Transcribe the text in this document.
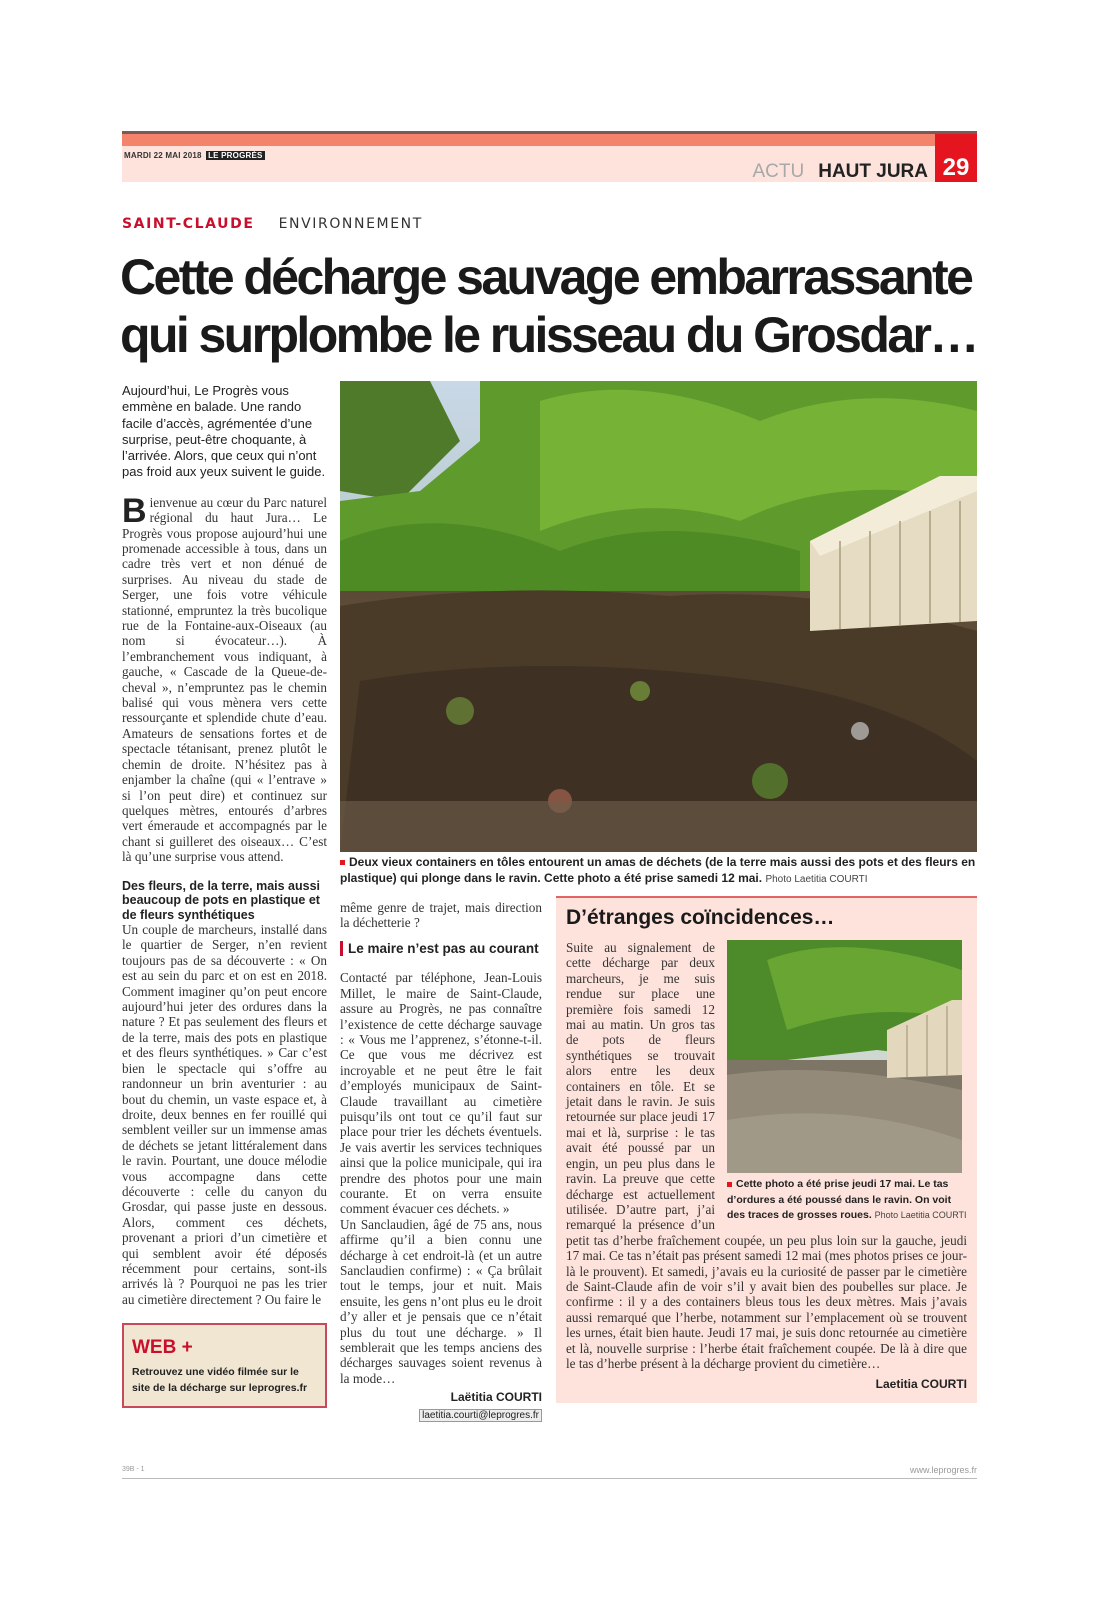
MARDI 22 MAI 2018 LE PROGRÈS
ACTU HAUT JURA 29
SAINT-CLAUDE ENVIRONNEMENT
Cette décharge sauvage embarrassante
qui surplombe le ruisseau du Grosdar…
Aujourd’hui, Le Progrès vous emmène en balade. Une rando facile d’accès, agrémentée d’une surprise, peut-être choquante, à l’arrivée. Alors, que ceux qui n’ont pas froid aux yeux suivent le guide.

Bienvenue au cœur du Parc naturel régional du haut Jura… Le Progrès vous propose aujourd’hui une promenade accessible à tous, dans un cadre très vert et non dénué de surprises. Au niveau du stade de Serger, une fois votre véhicule stationné, empruntez la très bucolique rue de la Fontaine-aux-Oiseaux (au nom si évocateur…). À l’embranchement vous indiquant, à gauche, « Cascade de la Queue-de-cheval », n’empruntez pas le chemin balisé qui vous mènera vers cette ressourçante et splendide chute d’eau. Amateurs de sensations fortes et de spectacle tétanisant, prenez plutôt le chemin de droite. N’hésitez pas à enjamber la chaîne (qui « l’entrave » si l’on peut dire) et continuez sur quelques mètres, entourés d’arbres vert émeraude et accompagnés par le chant si guilleret des oiseaux… C’est là qu’une surprise vous attend.

Des fleurs, de la terre, mais aussi beaucoup de pots en plastique et de fleurs synthétiques

Un couple de marcheurs, installé dans le quartier de Serger, n’en revient toujours pas de sa découverte : « On est au sein du parc et on est en 2018. Comment imaginer qu’on peut encore aujourd’hui jeter des ordures dans la nature ? Et pas seulement des fleurs et de la terre, mais des pots en plastique et des fleurs synthétiques. » Car c’est bien le spectacle qui s’offre au randonneur un brin aventurier : au bout du chemin, un vaste espace et, à droite, deux bennes en fer rouillé qui semblent veiller sur un immense amas de déchets se jetant littéralement dans le ravin. Pourtant, une douce mélodie vous accompagne dans cette découverte : celle du canyon du Grosdar, qui passe juste en dessous. Alors, comment ces déchets, provenant a priori d’un cimetière et qui semblent avoir été déposés récemment pour certains, sont-ils arrivés là ? Pourquoi ne pas les trier au cimetière directement ? Ou faire le

WEB +
Retrouvez une vidéo filmée sur le site de la décharge sur leprogres.fr
Deux vieux containers en tôles entourent un amas de déchets (de la terre mais aussi des pots et des fleurs en plastique) qui plonge dans le ravin. Cette photo a été prise samedi 12 mai. Photo Laetitia COURTI

même genre de trajet, mais direction la déchetterie ?

Le maire n’est pas au courant

Contacté par téléphone, Jean-Louis Millet, le maire de Saint-Claude, assure au Progrès, ne pas connaître l’existence de cette décharge sauvage : « Vous me l’apprenez, s’étonne-t-il. Ce que vous me décrivez est incroyable et ne peut être le fait d’employés municipaux de Saint-Claude travaillant au cimetière puisqu’ils ont tout ce qu’il faut sur place pour trier les déchets éventuels. Je vais avertir les services techniques ainsi que la police municipale, qui ira prendre des photos pour une main courante. Et on verra ensuite comment évacuer ces déchets. »

Un Sanclaudien, âgé de 75 ans, nous affirme qu’il a bien connu une décharge à cet endroit-là (et un autre Sanclaudien confirme) : « Ça brûlait tout le temps, jour et nuit. Mais ensuite, les gens n’ont plus eu le droit d’y aller et je pensais que ce n’était plus du tout une décharge. » Il semblerait que les temps anciens des décharges sauvages soient revenus à la mode…

Laëtitia COURTI
laetitia.courti@leprogres.fr
D’étranges coïncidences…
Cette photo a été prise jeudi 17 mai. Le tas d’ordures a été poussé dans le ravin. On voit des traces de grosses roues. Photo Laetitia COURTI
Suite au signalement de cette décharge par deux marcheurs, je me suis rendue sur place une première fois samedi 12 mai au matin. Un gros tas de pots de fleurs synthétiques se trouvait alors entre les deux containers en tôle. Et se jetait dans le ravin. Je suis retournée sur place jeudi 17 mai et là, surprise : le tas avait été poussé par un engin, un peu plus dans le ravin. La preuve que cette décharge est actuellement utilisée. D’autre part, j’ai remarqué la présence d’un petit tas d’herbe fraîchement coupée, un peu plus loin sur la gauche, jeudi 17 mai. Ce tas n’était pas présent samedi 12 mai (mes photos prises ce jour-là le prouvent). Et samedi, j’avais eu la curiosité de passer par le cimetière de Saint-Claude afin de voir s’il y avait bien des poubelles sur place. Je confirme : il y a des containers bleus tous les deux mètres. Mais j’avais aussi remarqué que l’herbe, notamment sur l’emplacement où se trouvent les urnes, était bien haute. Jeudi 17 mai, je suis donc retournée au cimetière et là, nouvelle surprise : l’herbe était fraîchement coupée. De là à dire que le tas d’herbe présent à la décharge provient du cimetière…
Laetitia COURTI
39B - 1	www.leprogres.fr
